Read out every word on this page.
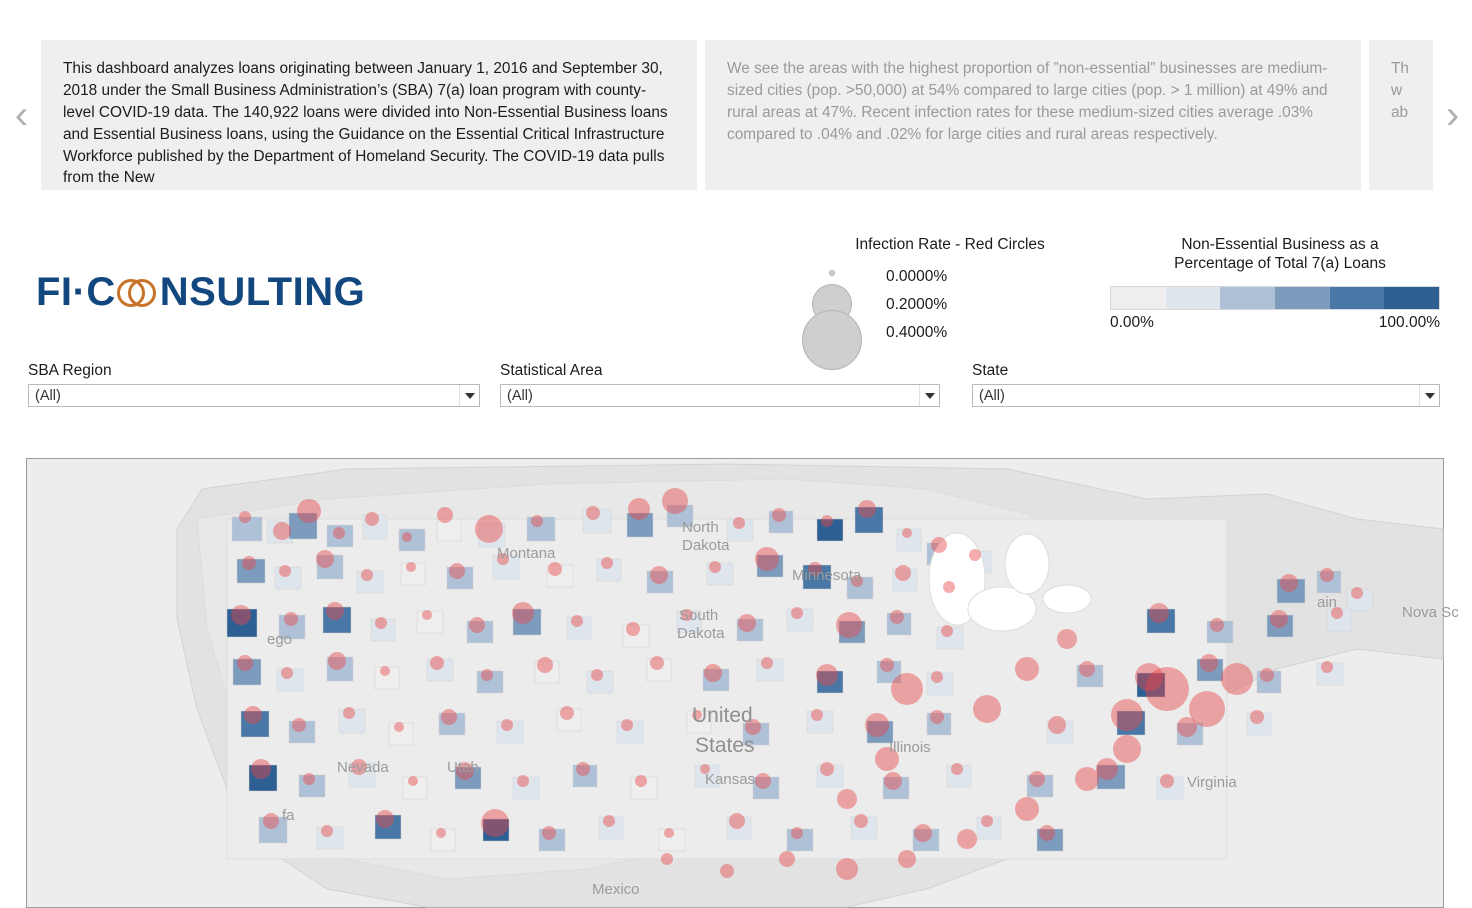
‹
This dashboard analyzes loans originating between January 1, 2016 and September 30, 2018 under the Small Business Administration’s (SBA) 7(a) loan program with county-level COVID-19 data. The 140,922 loans were divided into Non-Essential Business loans and Essential Business loans, using the Guidance on the Essential Critical Infrastructure Workforce published by the Department of Homeland Security. The COVID-19 data pulls from the New
We see the areas with the highest proportion of ”non-essential” businesses are medium-sized cities (pop. >50,000) at 54% compared to large cities (pop. > 1 million) at 49% and rural areas at 47%. Recent infection rates for these medium-sized cities average .03% compared to .04% and .02% for large cities and rural areas respectively.
Th w ab ›
FI·C NSULTING
Infection Rate - Red Circles
0.0000%
0.2000%
0.4000%
Non-Essential Business as a
Percentage of Total 7(a) Loans
0.00%	100.00%
SBA Region
(All)
Statistical Area
(All)
State
(All)
Montana
North
Dakota
Minnesota
South
Dakota
Nevada	Utah
United
States
Kansas
Illinois
Virginia
Mexico
Nova Sc
ain
ego
fa
